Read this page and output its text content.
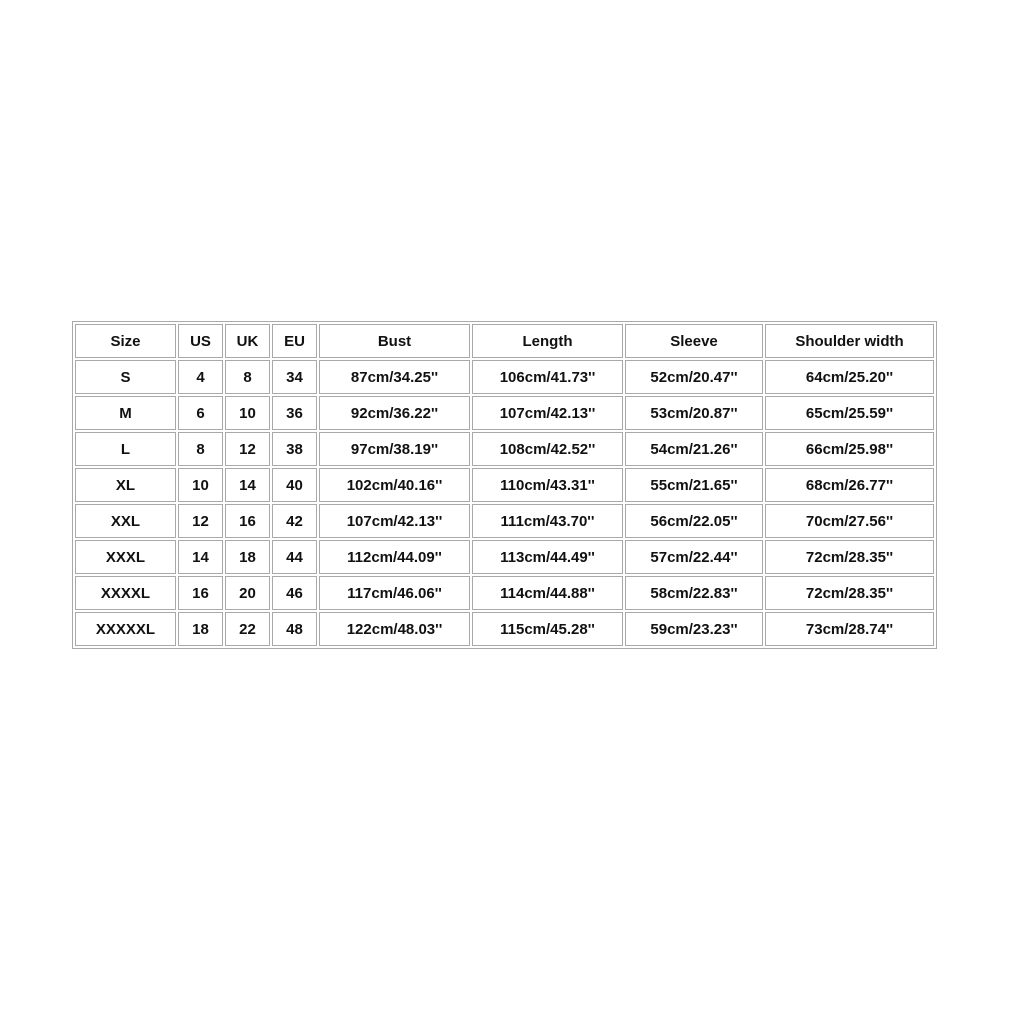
Size	US	UK	EU	Bust	Length	Sleeve	Shoulder width
S	4	8	34	87cm/34.25''	106cm/41.73''	52cm/20.47''	64cm/25.20''
M	6	10	36	92cm/36.22''	107cm/42.13''	53cm/20.87''	65cm/25.59''
L	8	12	38	97cm/38.19''	108cm/42.52''	54cm/21.26''	66cm/25.98''
XL	10	14	40	102cm/40.16''	110cm/43.31''	55cm/21.65''	68cm/26.77''
XXL	12	16	42	107cm/42.13''	111cm/43.70''	56cm/22.05''	70cm/27.56''
XXXL	14	18	44	112cm/44.09''	113cm/44.49''	57cm/22.44''	72cm/28.35''
XXXXL	16	20	46	117cm/46.06''	114cm/44.88''	58cm/22.83''	72cm/28.35''
XXXXXL	18	22	48	122cm/48.03''	115cm/45.28''	59cm/23.23''	73cm/28.74''
